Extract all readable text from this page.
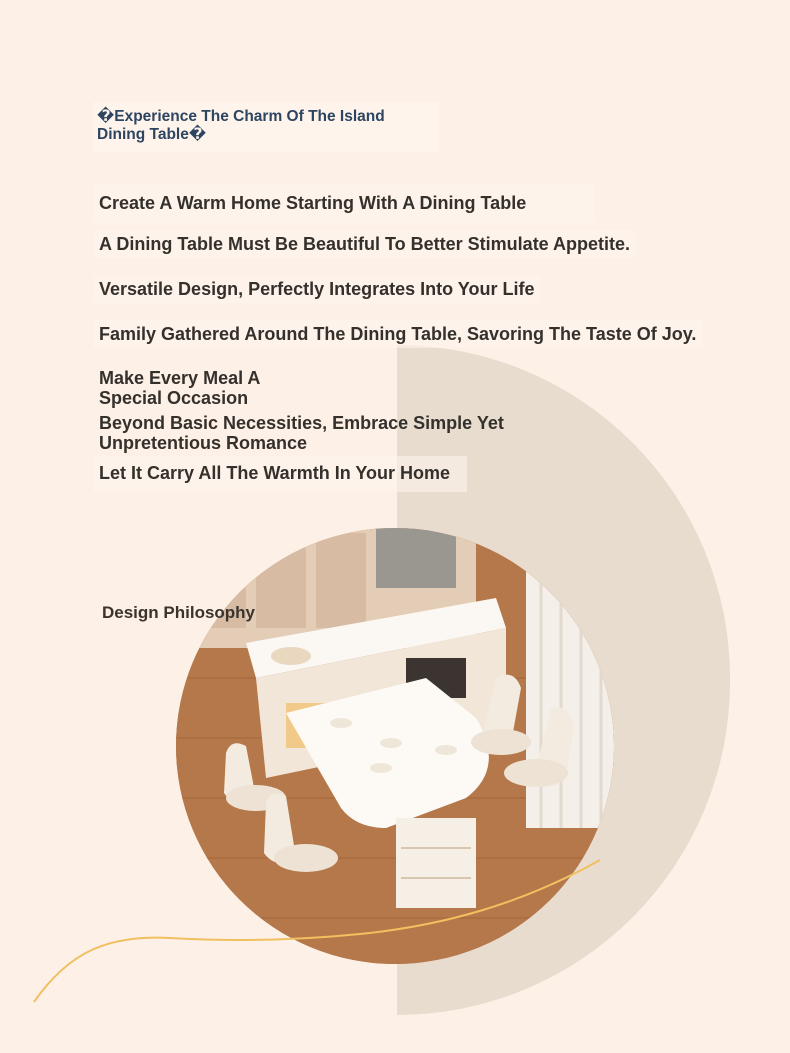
�Experience The Charm Of The Island Dining Table�
Create A Warm Home Starting With A Dining Table
A Dining Table Must Be Beautiful To Better Stimulate Appetite.
Versatile Design, Perfectly Integrates Into Your Life
Family Gathered Around The Dining Table, Savoring The Taste Of Joy.
Make Every Meal A
Special Occasion
Beyond Basic Necessities, Embrace Simple Yet
Unpretentious Romance
Let It Carry All The Warmth In Your Home
Design Philosophy
